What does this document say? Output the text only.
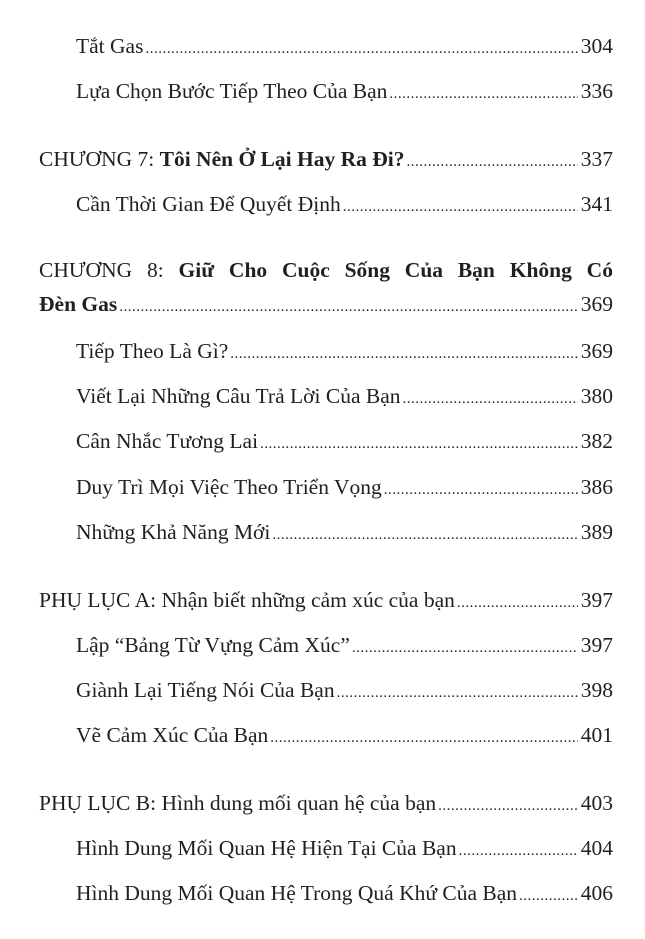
Tắt Gas .....	304
Lựa Chọn Bước Tiếp Theo Của Bạn .....	336
CHƯƠNG 7: Tôi Nên Ở Lại Hay Ra Đi? .....	337
Cần Thời Gian Để Quyết Định .....	341
CHƯƠNG 8: Giữ Cho Cuộc Sống Của Bạn Không Có
Đèn Gas .....	369
Tiếp Theo Là Gì? .....	369
Viết Lại Những Câu Trả Lời Của Bạn .....	380
Cân Nhắc Tương Lai .....	382
Duy Trì Mọi Việc Theo Triển Vọng .....	386
Những Khả Năng Mới .....	389
PHỤ LỤC A: Nhận biết những cảm xúc của bạn .....	397
Lập “Bảng Từ Vựng Cảm Xúc” .....	397
Giành Lại Tiếng Nói Của Bạn .....	398
Vẽ Cảm Xúc Của Bạn .....	401
PHỤ LỤC B: Hình dung mối quan hệ của bạn .....	403
Hình Dung Mối Quan Hệ Hiện Tại Của Bạn .....	404
Hình Dung Mối Quan Hệ Trong Quá Khứ Của Bạn .....	406
